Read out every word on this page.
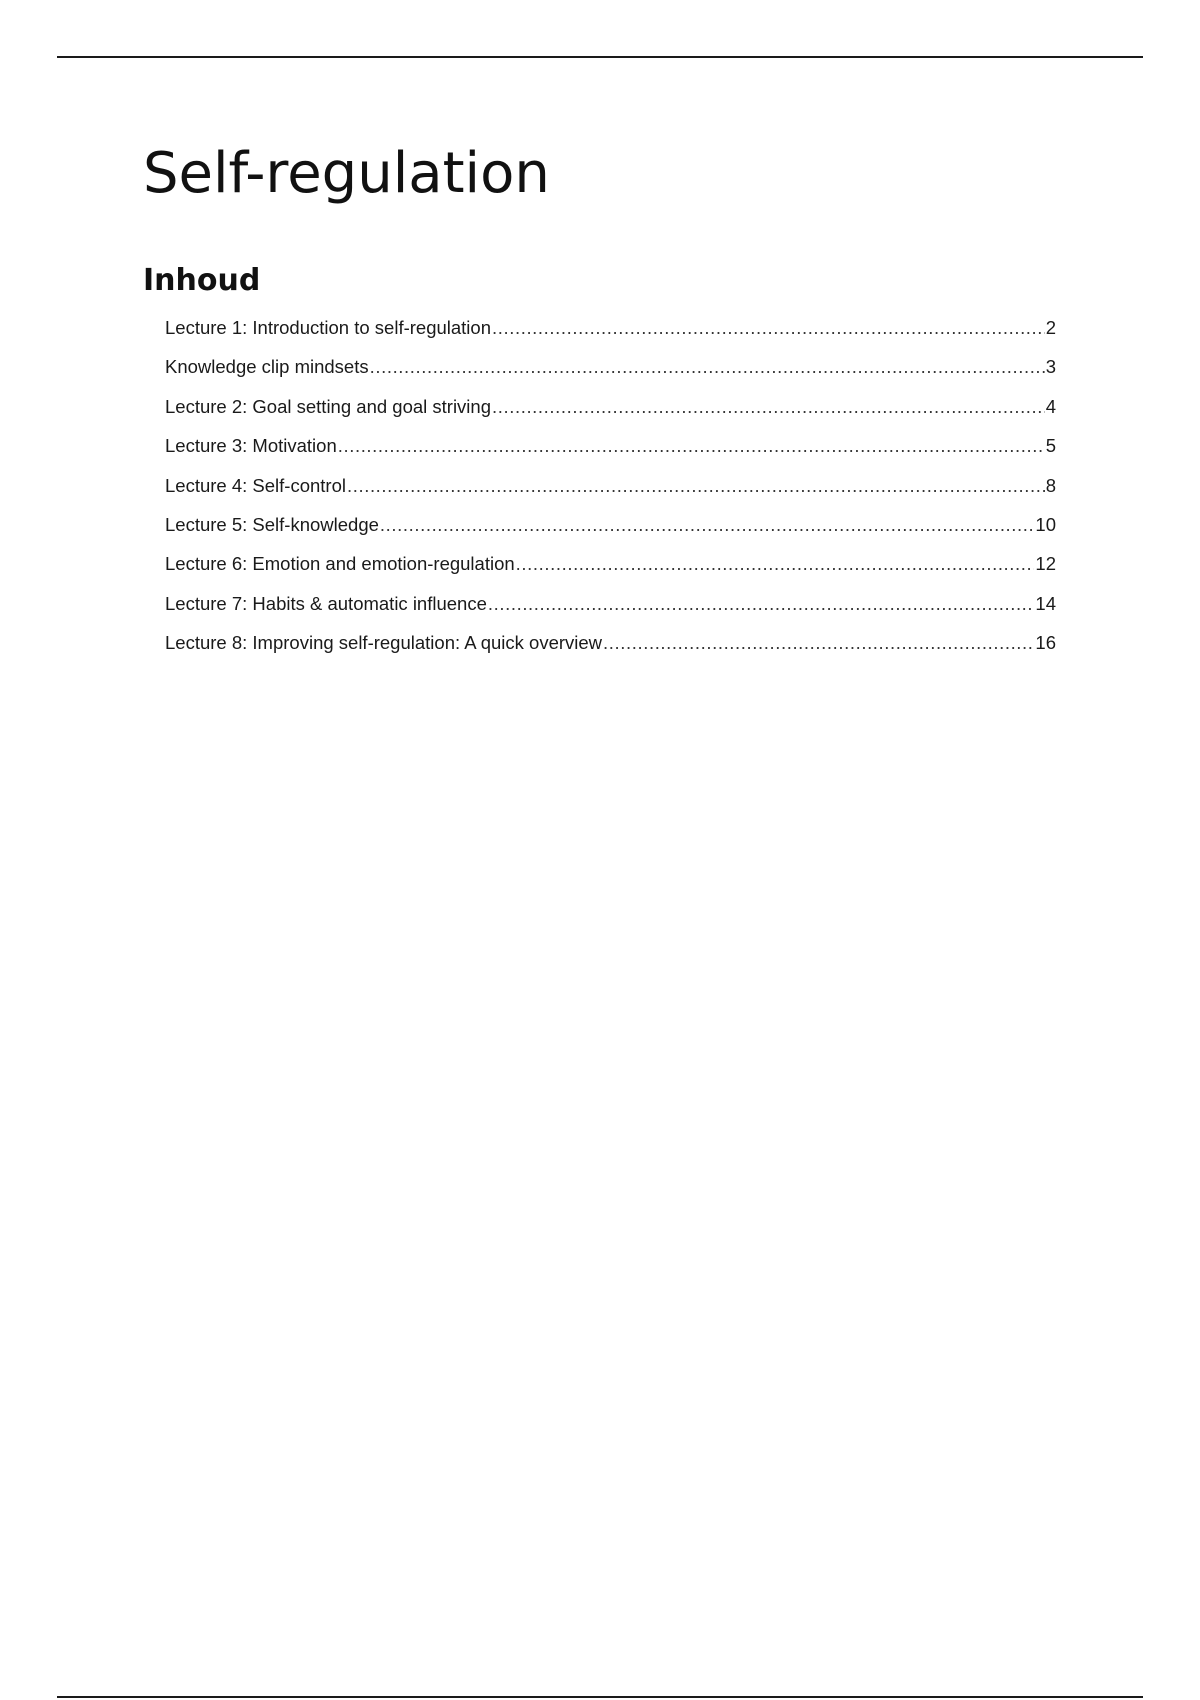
Self-regulation
Inhoud
Lecture 1: Introduction to self-regulation .....	2
Knowledge clip mindsets .....	3
Lecture 2: Goal setting and goal striving .....	4
Lecture 3: Motivation .....	5
Lecture 4: Self-control .....	8
Lecture 5: Self-knowledge .....	10
Lecture 6: Emotion and emotion-regulation .....	12
Lecture 7: Habits & automatic influence .....	14
Lecture 8: Improving self-regulation: A quick overview .....	16
